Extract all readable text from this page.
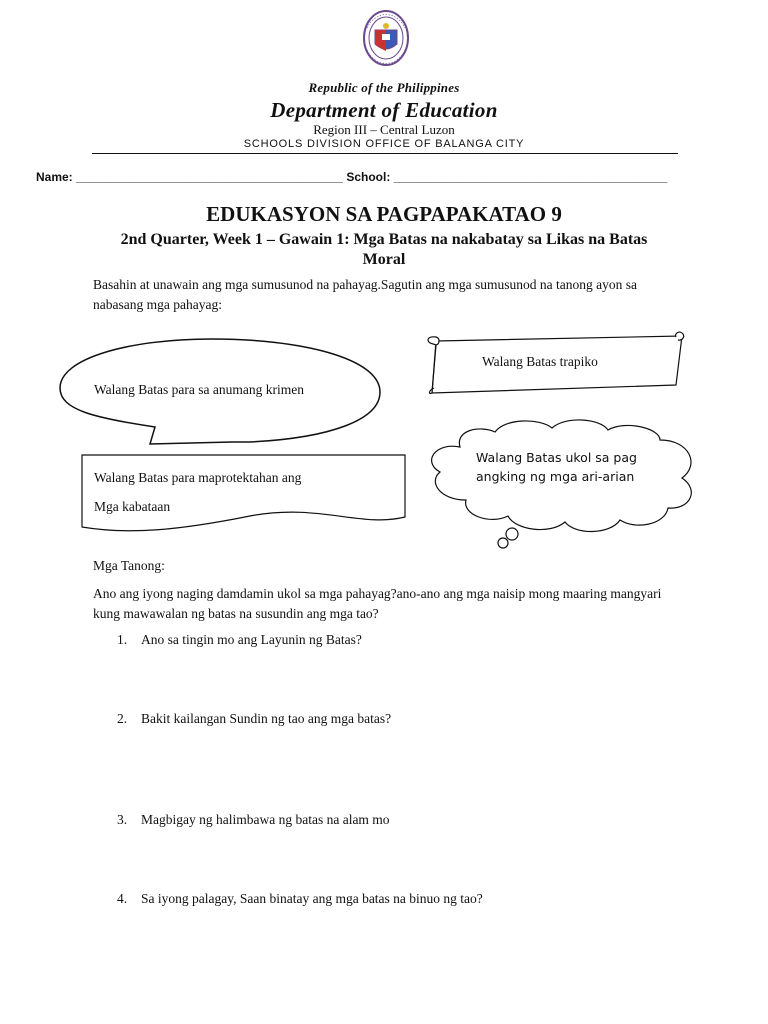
Republic of the Philippines
Department of Education
Region III – Central Luzon
SCHOOLS DIVISION OFFICE OF BALANGA CITY
Name: ________________________________________ School: _________________________________________
EDUKASYON SA PAGPAPAKATAO 9
2nd Quarter, Week 1 – Gawain 1: Mga Batas na nakabatay sa Likas na Batas Moral
Basahin at unawain ang mga sumusunod na pahayag.Sagutin ang mga sumusunod na tanong ayon sa nabasang mga pahayag:
Walang Batas para sa anumang krimen
Walang Batas trapiko
Walang Batas para maprotektahan ang
Mga kabataan
Walang Batas ukol sa pag angking ng mga ari-arian
Mga Tanong:
Ano ang iyong naging damdamin ukol sa mga pahayag?ano-ano ang mga naisip mong maaring mangyari kung mawawalan ng batas na susundin ang mga tao?
1. Ano sa tingin mo ang Layunin ng Batas?
2. Bakit kailangan Sundin ng tao ang mga batas?
3. Magbigay ng halimbawa ng batas na alam mo
4. Sa iyong palagay, Saan binatay ang mga batas na binuo ng tao?
